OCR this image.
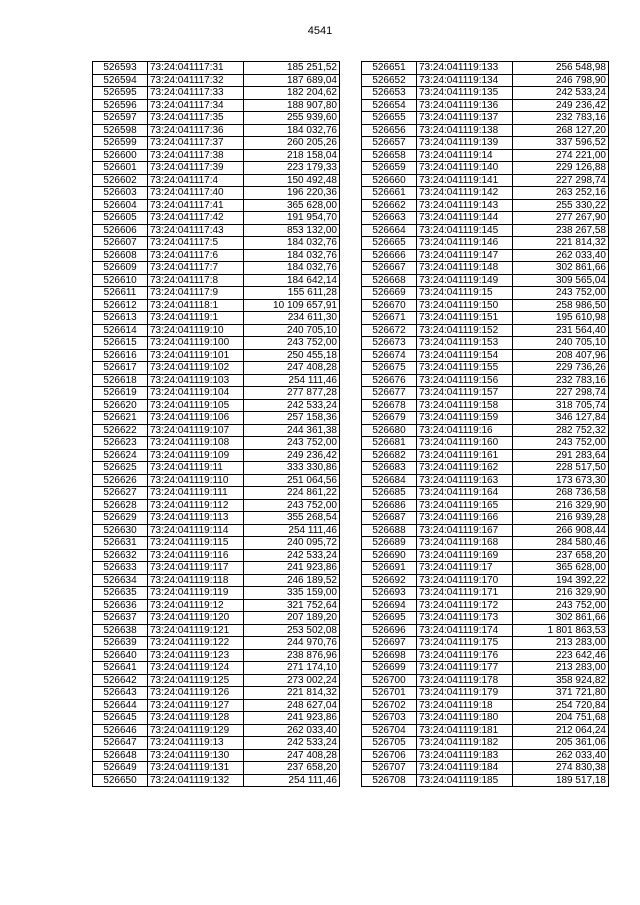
4541
526593	73:24:041117:31	185 251,52
526594	73:24:041117:32	187 689,04
526595	73:24:041117:33	182 204,62
526596	73:24:041117:34	188 907,80
526597	73:24:041117:35	255 939,60
526598	73:24:041117:36	184 032,76
526599	73:24:041117:37	260 205,26
526600	73:24:041117:38	218 158,04
526601	73:24:041117:39	223 179,33
526602	73:24:041117:4	150 492,48
526603	73:24:041117:40	196 220,36
526604	73:24:041117:41	365 628,00
526605	73:24:041117:42	191 954,70
526606	73:24:041117:43	853 132,00
526607	73:24:041117:5	184 032,76
526608	73:24:041117:6	184 032,76
526609	73:24:041117:7	184 032,76
526610	73:24:041117:8	184 642,14
526611	73:24:041117:9	155 611,28
526612	73:24:041118:1	10 109 657,91
526613	73:24:041119:1	234 611,30
526614	73:24:041119:10	240 705,10
526615	73:24:041119:100	243 752,00
526616	73:24:041119:101	250 455,18
526617	73:24:041119:102	247 408,28
526618	73:24:041119:103	254 111,46
526619	73:24:041119:104	277 877,28
526620	73:24:041119:105	242 533,24
526621	73:24:041119:106	257 158,36
526622	73:24:041119:107	244 361,38
526623	73:24:041119:108	243 752,00
526624	73:24:041119:109	249 236,42
526625	73:24:041119:11	333 330,86
526626	73:24:041119:110	251 064,56
526627	73:24:041119:111	224 861,22
526628	73:24:041119:112	243 752,00
526629	73:24:041119:113	355 268,54
526630	73:24:041119:114	254 111,46
526631	73:24:041119:115	240 095,72
526632	73:24:041119:116	242 533,24
526633	73:24:041119:117	241 923,86
526634	73:24:041119:118	246 189,52
526635	73:24:041119:119	335 159,00
526636	73:24:041119:12	321 752,64
526637	73:24:041119:120	207 189,20
526638	73:24:041119:121	253 502,08
526639	73:24:041119:122	244 970,76
526640	73:24:041119:123	238 876,96
526641	73:24:041119:124	271 174,10
526642	73:24:041119:125	273 002,24
526643	73:24:041119:126	221 814,32
526644	73:24:041119:127	248 627,04
526645	73:24:041119:128	241 923,86
526646	73:24:041119:129	262 033,40
526647	73:24:041119:13	242 533,24
526648	73:24:041119:130	247 408,28
526649	73:24:041119:131	237 658,20
526650	73:24:041119:132	254 111,46
526651	73:24:041119:133	256 548,98
526652	73:24:041119:134	246 798,90
526653	73:24:041119:135	242 533,24
526654	73:24:041119:136	249 236,42
526655	73:24:041119:137	232 783,16
526656	73:24:041119:138	268 127,20
526657	73:24:041119:139	337 596,52
526658	73:24:041119:14	274 221,00
526659	73:24:041119:140	229 126,88
526660	73:24:041119:141	227 298,74
526661	73:24:041119:142	263 252,16
526662	73:24:041119:143	255 330,22
526663	73:24:041119:144	277 267,90
526664	73:24:041119:145	238 267,58
526665	73:24:041119:146	221 814,32
526666	73:24:041119:147	262 033,40
526667	73:24:041119:148	302 861,66
526668	73:24:041119:149	309 565,04
526669	73:24:041119:15	243 752,00
526670	73:24:041119:150	258 986,50
526671	73:24:041119:151	195 610,98
526672	73:24:041119:152	231 564,40
526673	73:24:041119:153	240 705,10
526674	73:24:041119:154	208 407,96
526675	73:24:041119:155	229 736,26
526676	73:24:041119:156	232 783,16
526677	73:24:041119:157	227 298,74
526678	73:24:041119:158	318 705,74
526679	73:24:041119:159	346 127,84
526680	73:24:041119:16	282 752,32
526681	73:24:041119:160	243 752,00
526682	73:24:041119:161	291 283,64
526683	73:24:041119:162	228 517,50
526684	73:24:041119:163	173 673,30
526685	73:24:041119:164	268 736,58
526686	73:24:041119:165	216 329,90
526687	73:24:041119:166	216 939,28
526688	73:24:041119:167	266 908,44
526689	73:24:041119:168	284 580,46
526690	73:24:041119:169	237 658,20
526691	73:24:041119:17	365 628,00
526692	73:24:041119:170	194 392,22
526693	73:24:041119:171	216 329,90
526694	73:24:041119:172	243 752,00
526695	73:24:041119:173	302 861,66
526696	73:24:041119:174	1 801 863,53
526697	73:24:041119:175	213 283,00
526698	73:24:041119:176	223 642,46
526699	73:24:041119:177	213 283,00
526700	73:24:041119:178	358 924,82
526701	73:24:041119:179	371 721,80
526702	73:24:041119:18	254 720,84
526703	73:24:041119:180	204 751,68
526704	73:24:041119:181	212 064,24
526705	73:24:041119:182	205 361,06
526706	73:24:041119:183	262 033,40
526707	73:24:041119:184	274 830,38
526708	73:24:041119:185	189 517,18
